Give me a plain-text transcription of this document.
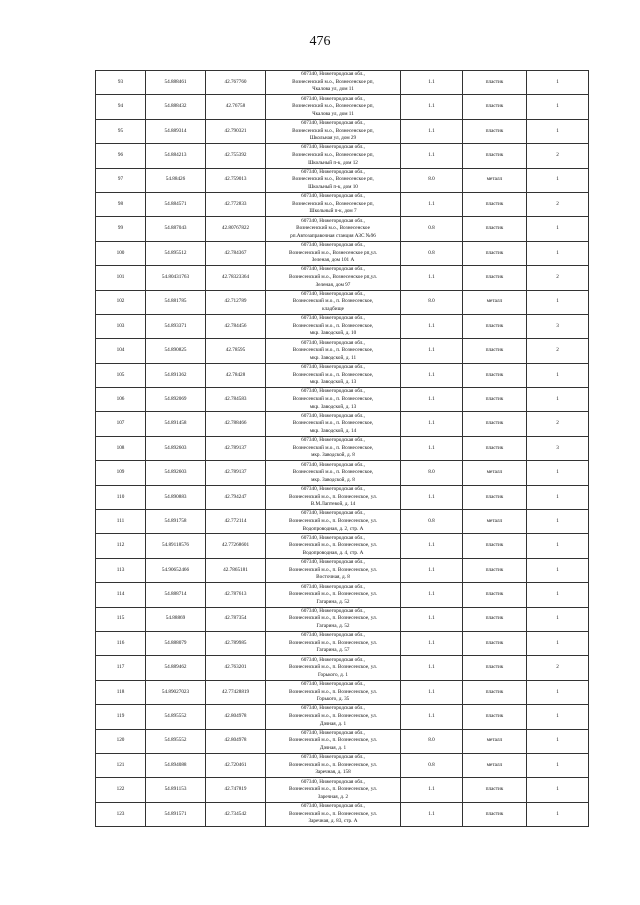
476
93	54.888461	42.767760	607340, Нижегородская обл.,
Вознесенский м.о., Вознесенское рп,
Чкалова ул, дом 11	1.1	пластик	1
94	54.888432	42.76758	607340, Нижегородская обл.,
Вознесенский м.о., Вознесенское рп,
Чкалова ул, дом 11	1.1	пластик	1
95	54.889314	42.790321	607340, Нижегородская обл.,
Вознесенский м.о., Вознесенское рп,
Школьная ул, дом 29	1.1	пластик	1
96	54.884213	42.755392	607340, Нижегородская обл.,
Вознесенский м.о., Вознесенское рп,
Школьный п-к, дом 12	1.1	пластик	2
97	54.88426	42.759013	607340, Нижегородская обл.,
Вознесенский м.о., Вознесенское рп,
Школьный п-к, дом 10	8.0	металл	1
98	54.884571	42.772833	607340, Нижегородская обл.,
Вознесенский м.о., Вознесенское рп,
Школьный п-к, дом 7	1.1	пластик	2
99	54.887043	42.80767822	607340, Нижегородская обл.,
Вознесенский м.о., Вознесенское
рп.Автозаправочная станция АЗС №96	0.8	пластик	1
100	54.895512	42.784367	607340, Нижегородская обл.,
Вознесенский м.о., Вознесенское рп,ул.
Зеленая, дом 101 А	0.8	пластик	1
101	54.80431763	42.78323364	607340, Нижегородская обл.,
Вознесенский м.о., Вознесенское рп,ул.
Зеленая, дом 97	1.1	пластик	2
102	54.881785	42.712789	607340, Нижегородская обл.,
Вознесенский м.о., п. Вознесенское,
кладбище	8.0	металл	1
103	54.893371	42.784456	607340, Нижегородская обл.,
Вознесенский м.о., п. Вознесенское,
мкр. Заводской, д. 10	1.1	пластик	3
104	54.890825	42.78595	607340, Нижегородская обл.,
Вознесенский м.о., п. Вознесенское,
мкр. Заводской, д. 11	1.1	пластик	2
105	54.891362	42.78428	607340, Нижегородская обл.,
Вознесенский м.о., п. Вознесенское,
мкр. Заводской, д. 13	1.1	пластик	1
106	54.892069	42.784583	607340, Нижегородская обл.,
Вознесенский м.о., п. Вознесенское,
мкр. Заводской, д. 13	1.1	пластик	1
107	54.891458	42.788466	607340, Нижегородская обл.,
Вознесенский м.о., п. Вознесенское,
мкр. Заводской, д. 14	1.1	пластик	2
108	54.892603	42.789137	607340, Нижегородская обл.,
Вознесенский м.о., п. Вознесенское,
мкр. Заводской, д. 8	1.1	пластик	3
109	54.892603	42.789137	607340, Нижегородская обл.,
Вознесенский м.о., п. Вознесенское,
мкр. Заводской, д. 8	8.0	металл	1
110	54.890883	42.794247	607340, Нижегородская обл.,
Вознесенский м.о., п. Вознесенское, ул.
В.М.Лаптевой, д. 14	1.1	пластик	1
111	54.891758	42.772114	607340, Нижегородская обл.,
Вознесенский м.о., п. Вознесенское, ул.
Водопроводная, д. 2, стр. А	0.8	металл	1
112	54.89118576	42.77268601	607340, Нижегородская обл.,
Вознесенский м.о., п. Вознесенское, ул.
Водопроводная, д. 4, стр. А	1.1	пластик	1
113	54.90652466	42.7865181	607340, Нижегородская обл.,
Вознесенский м.о., п. Вознесенское, ул.
Восточная, д. 8	1.1	пластик	1
114	54.888714	42.787613	607340, Нижегородская обл.,
Вознесенский м.о., п. Вознесенское, ул.
Гагарина, д. 52	1.1	пластик	1
115	54.88869	42.787354	607340, Нижегородская обл.,
Вознесенский м.о., п. Вознесенское, ул.
Гагарина, д. 52	1.1	пластик	1
116	54.888079	42.789985	607340, Нижегородская обл.,
Вознесенский м.о., п. Вознесенское, ул.
Гагарина, д. 57	1.1	пластик	1
117	54.889462	42.763201	607340, Нижегородская обл.,
Вознесенский м.о., п. Вознесенское, ул.
Горького, д. 1	1.1	пластик	2
118	54.89027023	42.77428819	607340, Нижегородская обл.,
Вознесенский м.о., п. Вознесенское, ул.
Горького, д. 35	1.1	пластик	1
119	54.895552	42.804978	607340, Нижегородская обл.,
Вознесенский м.о., п. Вознесенское, ул.
Дачная, д. 1	1.1	пластик	1
120	54.895552	42.804978	607340, Нижегородская обл.,
Вознесенский м.о., п. Вознесенское, ул.
Дачная, д. 1	8.0	металл	1
121	54.894088	42.720461	607340, Нижегородская обл.,
Вознесенский м.о., п. Вознесенское, ул.
Заречная, д. 158	0.8	металл	1
122	54.891153	42.747819	607340, Нижегородская обл.,
Вознесенский м.о., п. Вознесенское, ул.
Заречная, д. 2	1.1	пластик	1
123	54.891571	42.734542	607340, Нижегородская обл.,
Вознесенский м.о., п. Вознесенское, ул.
Заречная, д. 83, стр. А	1.1	пластик	1
